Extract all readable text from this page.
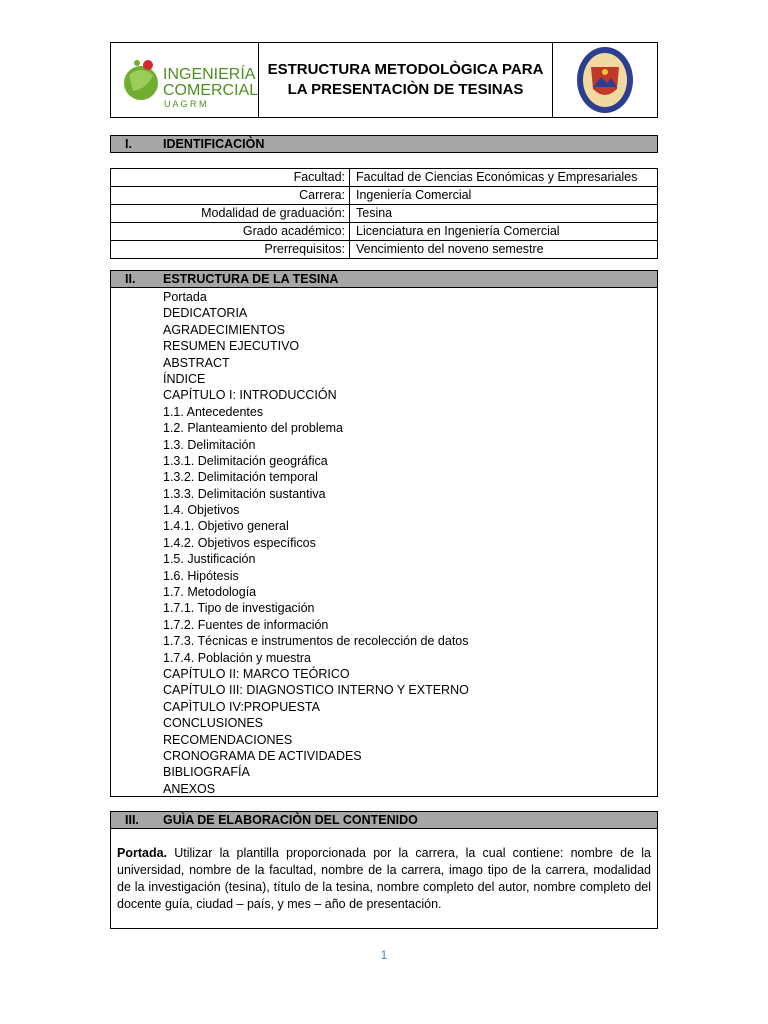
INGENIERÍA
COMERCIAL
U A G R M
ESTRUCTURA METODOLÒGICA PARA
LA PRESENTACIÒN DE TESINAS
I. IDENTIFICACIÒN
Facultad: Facultad de Ciencias Económicas y Empresariales
Carrera: Ingeniería Comercial
Modalidad de graduación: Tesina
Grado académico: Licenciatura en Ingeniería Comercial
Prerrequisitos: Vencimiento del noveno semestre
II. ESTRUCTURA DE LA TESINA
Portada
DEDICATORIA
AGRADECIMIENTOS
RESUMEN EJECUTIVO
ABSTRACT
ÍNDICE
CAPÍTULO I: INTRODUCCIÓN
1.1. Antecedentes
1.2. Planteamiento del problema
1.3. Delimitación
1.3.1. Delimitación geográfica
1.3.2. Delimitación temporal
1.3.3. Delimitación sustantiva
1.4. Objetivos
1.4.1. Objetivo general
1.4.2. Objetivos específicos
1.5. Justificación
1.6. Hipótesis
1.7. Metodología
1.7.1. Tipo de investigación
1.7.2. Fuentes de información
1.7.3. Técnicas e instrumentos de recolección de datos
1.7.4. Población y muestra
CAPÍTULO II: MARCO TEÓRICO
CAPÍTULO III: DIAGNOSTICO INTERNO Y EXTERNO
CAPÌTULO IV:PROPUESTA
CONCLUSIONES
RECOMENDACIONES
CRONOGRAMA DE ACTIVIDADES
BIBLIOGRAFÍA
ANEXOS
III. GUÌA DE ELABORACIÒN DEL CONTENIDO

Portada. Utilizar la plantilla proporcionada por la carrera, la cual contiene: nombre de la universidad, nombre de la facultad, nombre de la carrera, imago tipo de la carrera, modalidad de la investigación (tesina), título de la tesina, nombre completo del autor, nombre completo del docente guía, ciudad – país, y mes – año de presentación.

1
